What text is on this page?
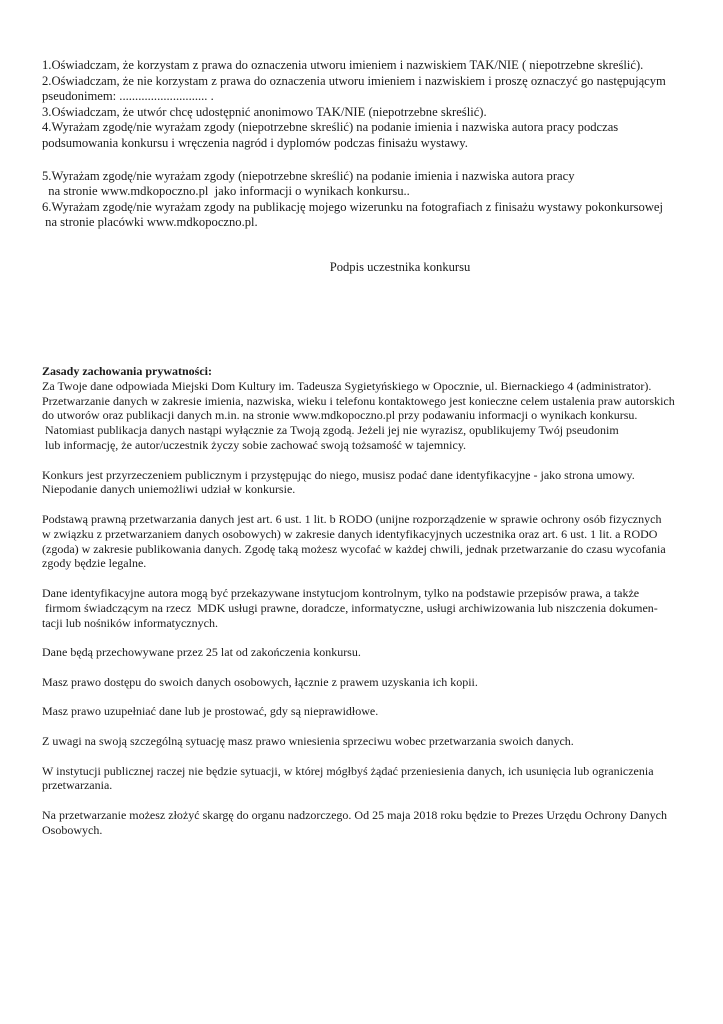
1.Oświadczam, że korzystam z prawa do oznaczenia utworu imieniem i nazwiskiem TAK/NIE ( niepotrzebne skreślić).

2.Oświadczam, że nie korzystam z prawa do oznaczenia utworu imieniem i nazwiskiem i proszę oznaczyć go następującym

pseudonimem: ............................ .

3.Oświadczam, że utwór chcę udostępnić anonimowo TAK/NIE (niepotrzebne skreślić).

4.Wyrażam zgodę/nie wyrażam zgody (niepotrzebne skreślić) na podanie imienia i nazwiska autora pracy podczas

podsumowania konkursu i wręczenia nagród i dyplomów podczas finisażu wystawy.

5.Wyrażam zgodę/nie wyrażam zgody (niepotrzebne skreślić) na podanie imienia i nazwiska autora pracy

na stronie www.mdkopoczno.pl  jako informacji o wynikach konkursu..

6.Wyrażam zgodę/nie wyrażam zgody na publikację mojego wizerunku na fotografiach z finisażu wystawy pokonkursowej

na stronie placówki www.mdkopoczno.pl.

Podpis uczestnika konkursu

Zasady zachowania prywatności:

Za Twoje dane odpowiada Miejski Dom Kultury im. Tadeusza Sygietyńskiego w Opocznie, ul. Biernackiego 4 (administrator).

Przetwarzanie danych w zakresie imienia, nazwiska, wieku i telefonu kontaktowego jest konieczne celem ustalenia praw autorskich

do utworów oraz publikacji danych m.in. na stronie www.mdkopoczno.pl przy podawaniu informacji o wynikach konkursu.

Natomiast publikacja danych nastąpi wyłącznie za Twoją zgodą. Jeżeli jej nie wyrazisz, opublikujemy Twój pseudonim

lub informację, że autor/uczestnik życzy sobie zachować swoją tożsamość w tajemnicy.

Konkurs jest przyrzeczeniem publicznym i przystępując do niego, musisz podać dane identyfikacyjne - jako strona umowy.

Niepodanie danych uniemożliwi udział w konkursie.

Podstawą prawną przetwarzania danych jest art. 6 ust. 1 lit. b RODO (unijne rozporządzenie w sprawie ochrony osób fizycznych

w związku z przetwarzaniem danych osobowych) w zakresie danych identyfikacyjnych uczestnika oraz art. 6 ust. 1 lit. a RODO

(zgoda) w zakresie publikowania danych. Zgodę taką możesz wycofać w każdej chwili, jednak przetwarzanie do czasu wycofania

zgody będzie legalne.

Dane identyfikacyjne autora mogą być przekazywane instytucjom kontrolnym, tylko na podstawie przepisów prawa, a także

firmom świadczącym na rzecz  MDK usługi prawne, doradcze, informatyczne, usługi archiwizowania lub niszczenia dokumen-

tacji lub nośników informatycznych.

Dane będą przechowywane przez 25 lat od zakończenia konkursu.

Masz prawo dostępu do swoich danych osobowych, łącznie z prawem uzyskania ich kopii.

Masz prawo uzupełniać dane lub je prostować, gdy są nieprawidłowe.

Z uwagi na swoją szczególną sytuację masz prawo wniesienia sprzeciwu wobec przetwarzania swoich danych.

W instytucji publicznej raczej nie będzie sytuacji, w której mógłbyś żądać przeniesienia danych, ich usunięcia lub ograniczenia

przetwarzania.

Na przetwarzanie możesz złożyć skargę do organu nadzorczego. Od 25 maja 2018 roku będzie to Prezes Urzędu Ochrony Danych

Osobowych.
